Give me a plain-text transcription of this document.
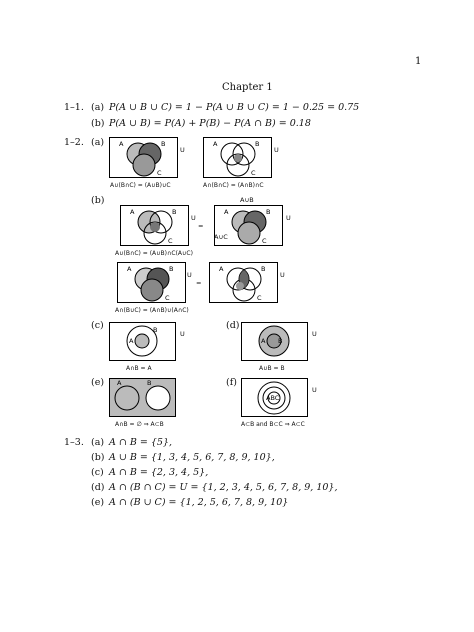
1
Chapter 1
1–1. (a) P(A ∪ B ∪ C) = 1 − P(A ∪ B ∪ C) = 1 − 0.25 = 0.75
(b) P(A ∪ B) = P(A) + P(B) − P(A ∩ B) = 0.18
1–2. (a) A	B
C
U
A∪(B∩C) = (A∪B)∪C
A	B
C
U
A∩(B∩C) = (A∩B)∩C
(b)
A	B
C
U
=
A	B
C
U
A∪B
A∪C
A∪(B∩C) = (A∪B)∩C(A∪C)
A	B
C
U
=
A	B
C
U
A∩(B∪C) = (A∩B)∪(A∩C)
(c)
A
B	U
A∩B = A
(d)
A B
U
A∪B = B
(e) A	B
A∩B = ∅ ⇒ A⊂B
(f)
ABC
U
A⊂B and B⊂C ⇒ A⊂C
1–3. (a) A ∩ B = {5},
(b) A ∪ B = {1, 3, 4, 5, 6, 7, 8, 9, 10},
(c) A ∩ B = {2, 3, 4, 5},
(d) A ∩ (B ∩ C) = U = {1, 2, 3, 4, 5, 6, 7, 8, 9, 10},
(e) A ∩ (B ∪ C) = {1, 2, 5, 6, 7, 8, 9, 10}
